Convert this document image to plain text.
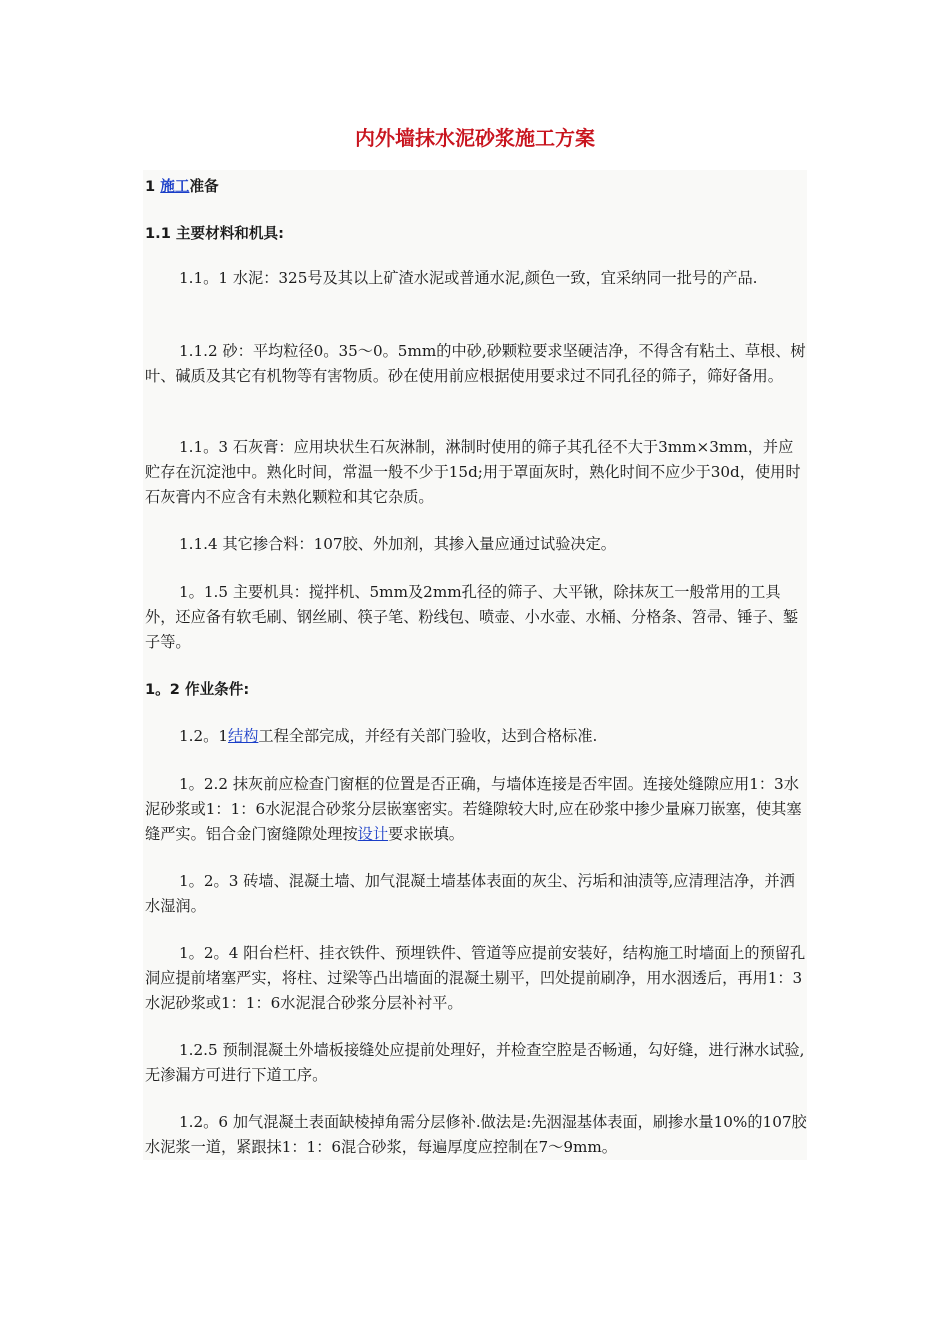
内外墙抹水泥砂浆施工方案

1 施工准备

1.1 主要材料和机具:

1.1。1 水泥：325号及其以上矿渣水泥或普通水泥,颜色一致，宜采纳同一批号的产品.

1.1.2 砂：平均粒径0。35～0。5mm的中砂,砂颗粒要求坚硬洁净，不得含有粘土、草根、树叶、碱质及其它有机物等有害物质。砂在使用前应根据使用要求过不同孔径的筛子，筛好备用。

1.1。3 石灰膏：应用块状生石灰淋制，淋制时使用的筛子其孔径不大于3mm×3mm，并应贮存在沉淀池中。熟化时间，常温一般不少于15d;用于罩面灰时，熟化时间不应少于30d，使用时石灰膏内不应含有未熟化颗粒和其它杂质。

1.1.4 其它掺合料：107胶、外加剂，其掺入量应通过试验决定。

1。1.5 主要机具：搅拌机、5mm及2mm孔径的筛子、大平锹，除抹灰工一般常用的工具外，还应备有软毛刷、钢丝刷、筷子笔、粉线包、喷壶、小水壶、水桶、分格条、笤帚、锤子、錾子等。

1。2 作业条件:

1.2。1结构工程全部完成，并经有关部门验收，达到合格标准.

1。2.2 抹灰前应检查门窗框的位置是否正确，与墙体连接是否牢固。连接处缝隙应用1：3水泥砂浆或1：1：6水泥混合砂浆分层嵌塞密实。若缝隙较大时,应在砂浆中掺少量麻刀嵌塞，使其塞缝严实。铝合金门窗缝隙处理按设计要求嵌填。

1。2。3 砖墙、混凝土墙、加气混凝土墙基体表面的灰尘、污垢和油渍等,应清理洁净，并洒水湿润。

1。2。4 阳台栏杆、挂衣铁件、预埋铁件、管道等应提前安装好，结构施工时墙面上的预留孔洞应提前堵塞严实，将柱、过梁等凸出墙面的混凝土剔平，凹处提前刷净，用水洇透后，再用1：3水泥砂浆或1：1：6水泥混合砂浆分层补衬平。

1.2.5 预制混凝土外墙板接缝处应提前处理好，并检查空腔是否畅通，勾好缝，进行淋水试验,无渗漏方可进行下道工序。

1.2。6 加气混凝土表面缺棱掉角需分层修补.做法是:先洇湿基体表面，刷掺水量10%的107胶水泥浆一道，紧跟抹1：1：6混合砂浆，每遍厚度应控制在7～9mm。
